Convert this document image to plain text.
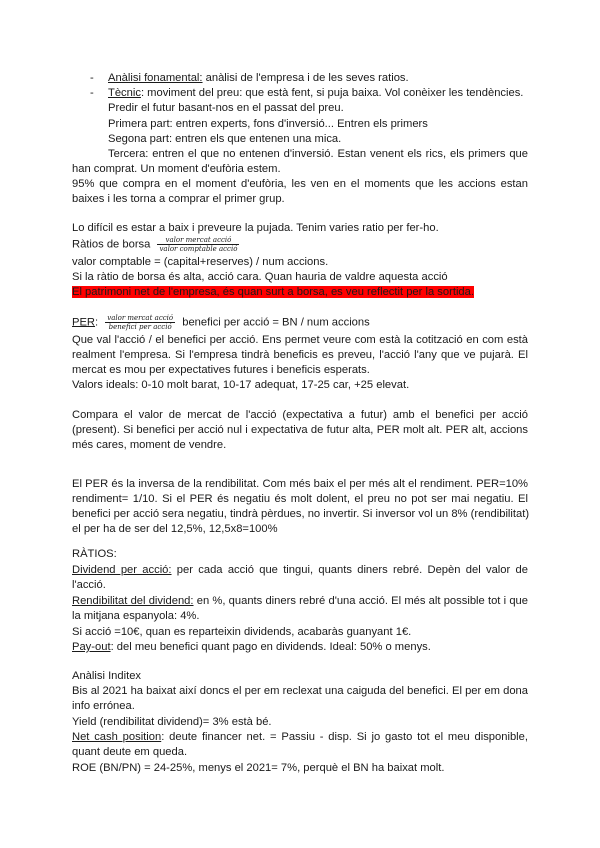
- Anàlisi fonamental: anàlisi de l'empresa i de les seves ratios.
- Tècnic: moviment del preu: que està fent, si puja baixa. Vol conèixer les tendències.
Predir el futur basant-nos en el passat del preu.
Primera part: entren experts, fons d'inversió... Entren els primers
Segona part: entren els que entenen una mica.
Tercera: entren el que no entenen d'inversió. Estan venent els rics, els primers que
han comprat. Un moment d'eufòria estem.
95% que compra en el moment d'eufòria, les ven en el moments que les accions estan
baixes i les torna a comprar el primer grup.
Lo difícil es estar a baix i preveure la pujada. Tenim varies ratio per fer-ho.
Ràtios de borsa $\frac{\text{valor mercat acció}}{\text{valor comptable acció}}$
valor comptable = (capital+reserves) / num accions.
Si la ràtio de borsa és alta, acció cara. Quan hauria de valdre aquesta acció
El patrimoni net de l'empresa, és quan surt a borsa, es veu reflectit per la sortida.
PER: $\frac{\text{valor mercat acció}}{\text{benefici per acció}}$ benefici per acció = BN / num accions
Que val l'acció / el benefici per acció. Ens permet veure com està la cotització en com està
realment l'empresa. Si l'empresa tindrà beneficis es preveu, l'acció l'any que ve pujarà. El
mercat es mou per expectatives futures i beneficis esperats.
Valors ideals: 0-10 molt barat, 10-17 adequat, 17-25 car, +25 elevat.
Compara el valor de mercat de l'acció (expectativa a futur) amb el benefici per acció
(present). Si benefici per acció nul i expectativa de futur alta, PER molt alt. PER alt, accions
més cares, moment de vendre.
El PER és la inversa de la rendibilitat. Com més baix el per més alt el rendiment. PER=10%
rendiment= 1/10. Si el PER és negatiu és molt dolent, el preu no pot ser mai negatiu. El
benefici per acció sera negatiu, tindrà pèrdues, no invertir. Si inversor vol un 8% (rendibilitat)
el per ha de ser del 12,5%, 12,5x8=100%
RÀTIOS:
Dividend per acció: per cada acció que tingui, quants diners rebré. Depèn del valor de
l'acció.
Rendibilitat del dividend: en %, quants diners rebré d'una acció. El més alt possible tot i que
la mitjana espanyola: 4%.
Si acció =10€, quan es reparteixin dividends, acabaràs guanyant 1€.
Pay-out: del meu benefici quant pago en dividends. Ideal: 50% o menys.
Anàlisi Inditex
Bis al 2021 ha baixat així doncs el per em reclexat una caiguda del benefici. El per em dona
info errónea.
Yield (rendibilitat dividend)= 3% està bé.
Net cash position: deute financer net. = Passiu - disp. Si jo gasto tot el meu disponible,
quant deute em queda.
ROE (BN/PN) = 24-25%, menys el 2021= 7%, perquè el BN ha baixat molt.
